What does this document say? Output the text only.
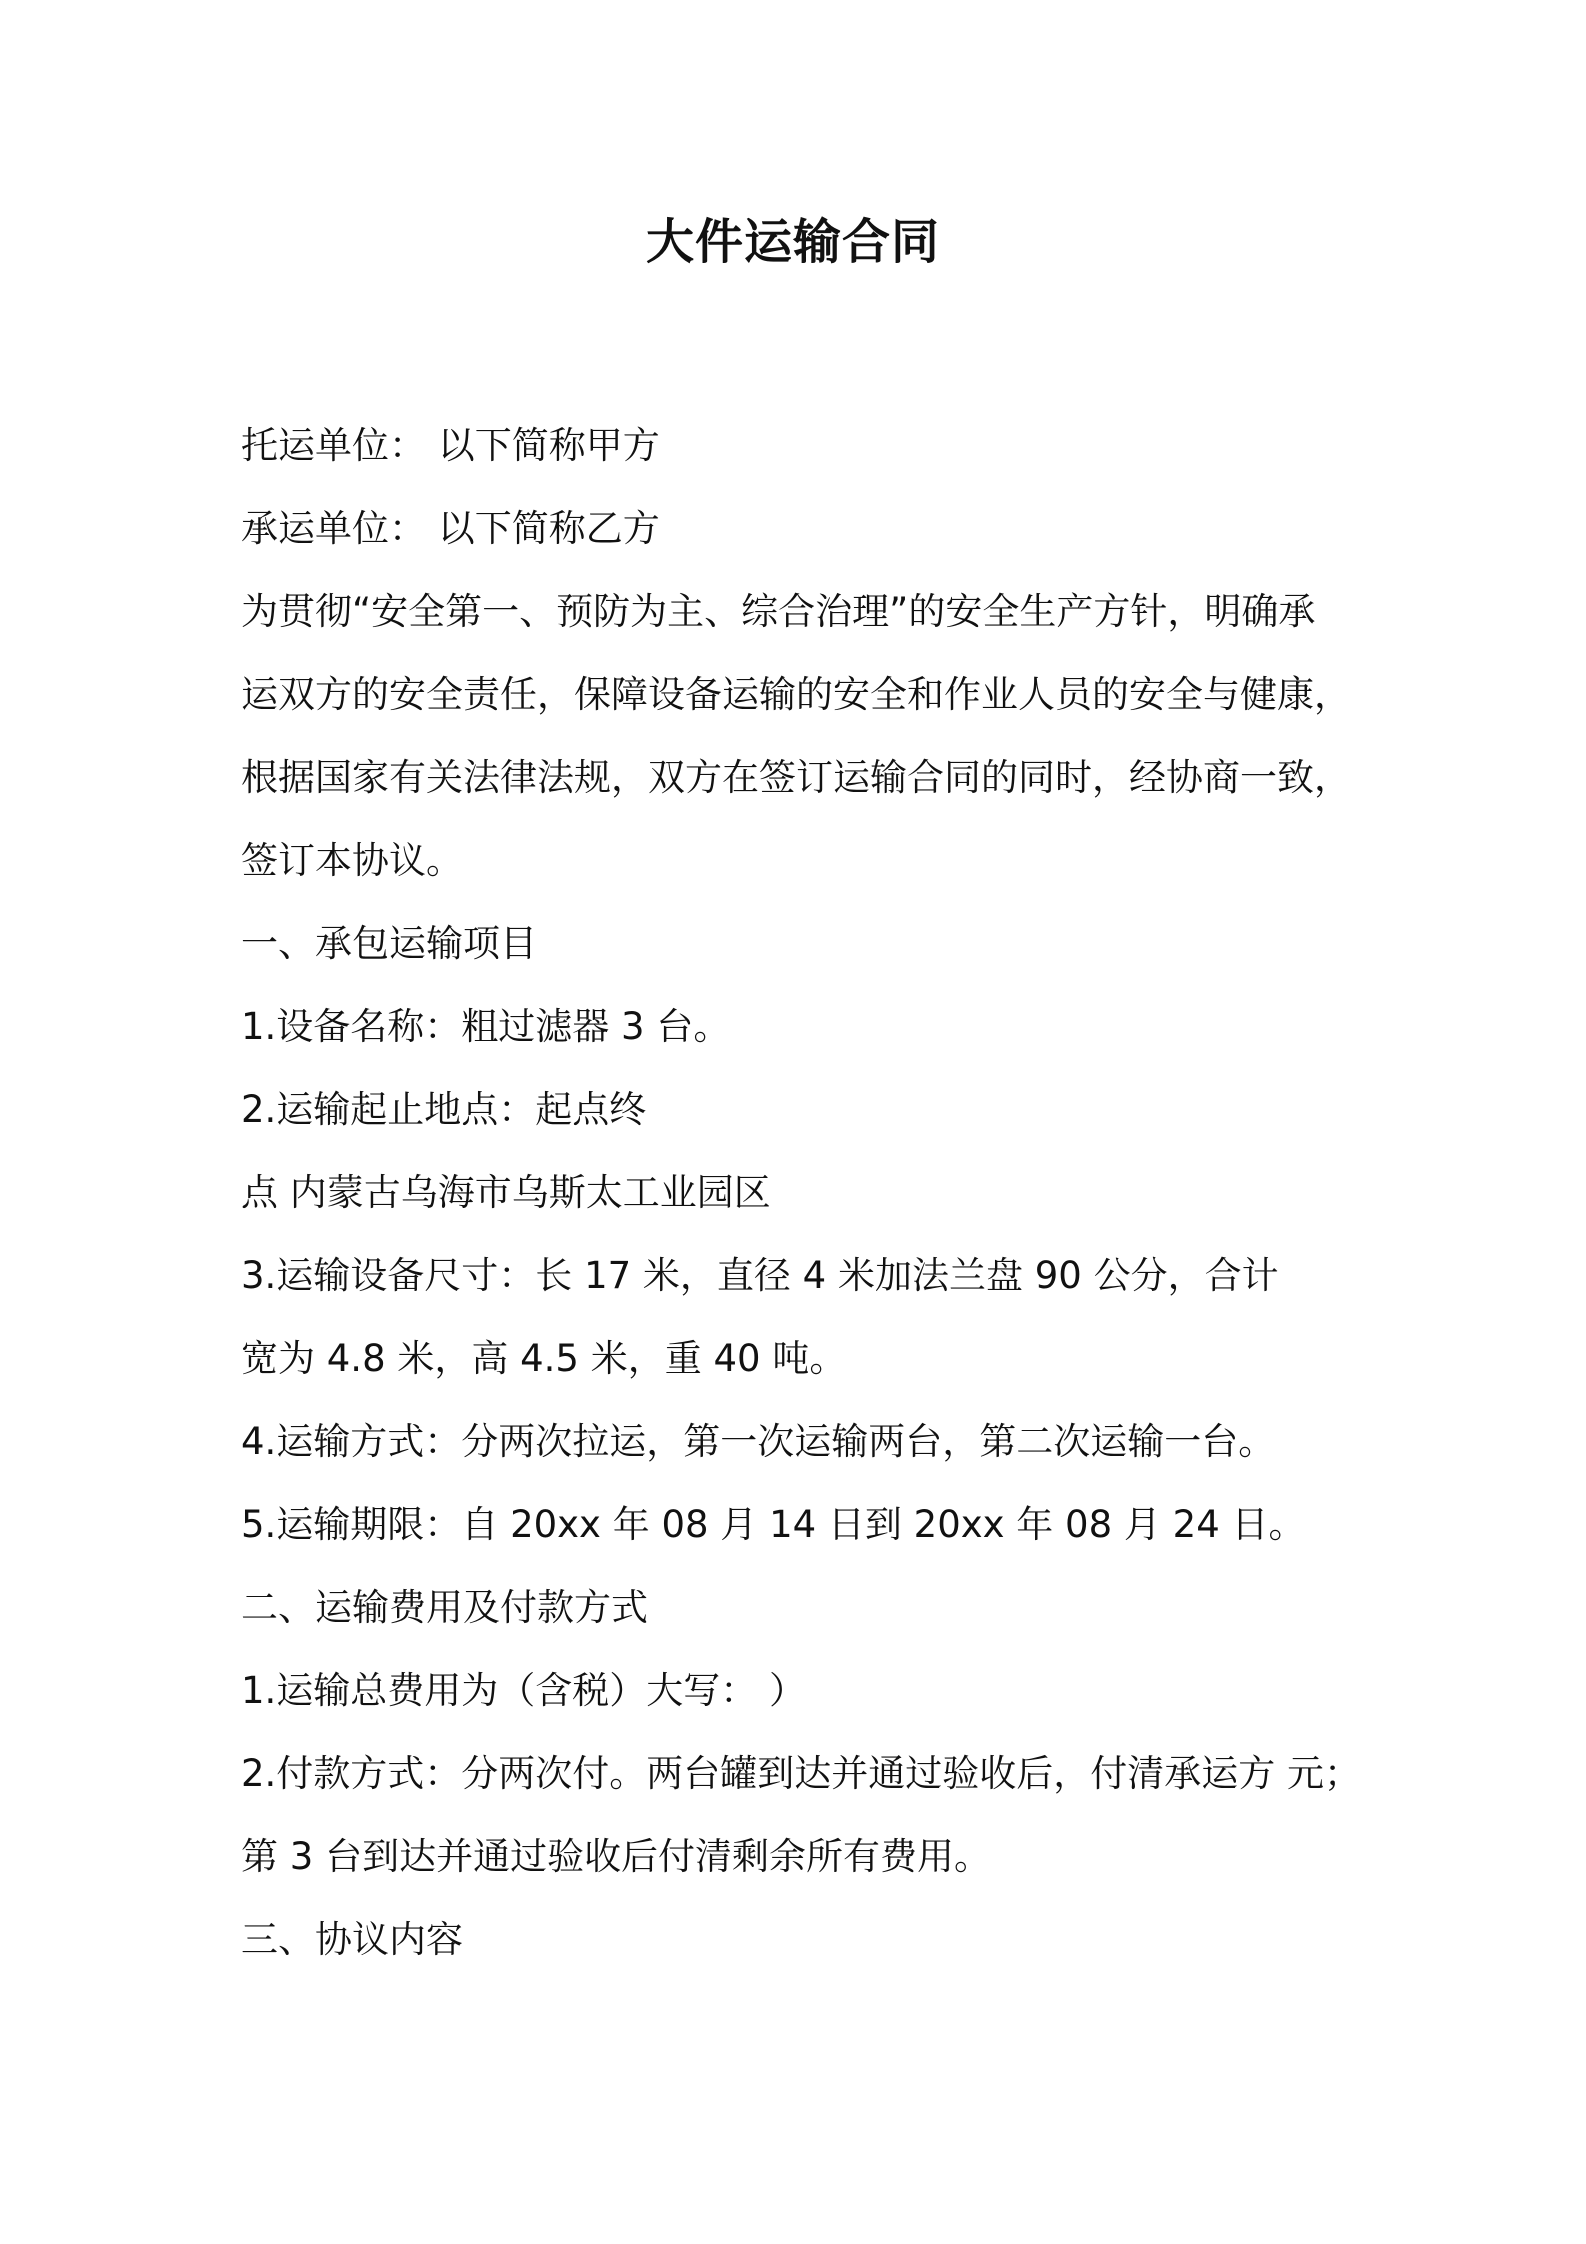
大件运输合同

托运单位： 以下简称甲方

承运单位： 以下简称乙方

为贯彻“安全第一、预防为主、综合治理”的安全生产方针，明确承

运双方的安全责任，保障设备运输的安全和作业人员的安全与健康，

根据国家有关法律法规，双方在签订运输合同的同时，经协商一致，

签订本协议。

一、承包运输项目

1.设备名称：粗过滤器 3 台。

2.运输起止地点：起点终

点 内蒙古乌海市乌斯太工业园区

3.运输设备尺寸：长 17 米，直径 4 米加法兰盘 90 公分，合计

宽为 4.8 米，高 4.5 米，重 40 吨。

4.运输方式：分两次拉运，第一次运输两台，第二次运输一台。

5.运输期限：自 20xx 年 08 月 14 日到 20xx 年 08 月 24 日。

二、运输费用及付款方式

1.运输总费用为（含税）大写： ）

2.付款方式：分两次付。两台罐到达并通过验收后，付清承运方 元；

第 3 台到达并通过验收后付清剩余所有费用。

三、协议内容
